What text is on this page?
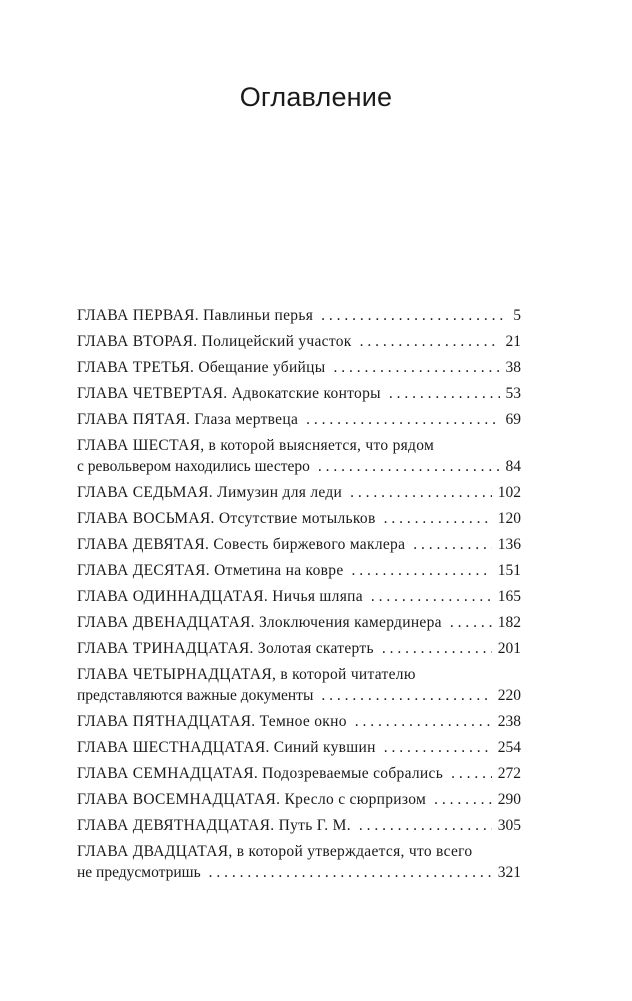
Оглавление
ГЛАВА ПЕРВАЯ. Павлиньи перья . . .	5
ГЛАВА ВТОРАЯ. Полицейский участок . . .	21
ГЛАВА ТРЕТЬЯ. Обещание убийцы . . .	38
ГЛАВА ЧЕТВЕРТАЯ. Адвокатские конторы . . .	53
ГЛАВА ПЯТАЯ. Глаза мертвеца . . .	69
ГЛАВА ШЕСТАЯ, в которой выясняется, что рядом
с револьвером находились шестеро . . .	84
ГЛАВА СЕДЬМАЯ. Лимузин для леди . . .	102
ГЛАВА ВОСЬМАЯ. Отсутствие мотыльков . . .	120
ГЛАВА ДЕВЯТАЯ. Совесть биржевого маклера . . .	136
ГЛАВА ДЕСЯТАЯ. Отметина на ковре . . .	151
ГЛАВА ОДИННАДЦАТАЯ. Ничья шляпа . . .	165
ГЛАВА ДВЕНАДЦАТАЯ. Злоключения камердинера . . .	182
ГЛАВА ТРИНАДЦАТАЯ. Золотая скатерть . . .	201
ГЛАВА ЧЕТЫРНАДЦАТАЯ, в которой читателю
представляются важные документы . . .	220
ГЛАВА ПЯТНАДЦАТАЯ. Темное окно . . .	238
ГЛАВА ШЕСТНАДЦАТАЯ. Синий кувшин . . .	254
ГЛАВА СЕМНАДЦАТАЯ. Подозреваемые собрались . . .	272
ГЛАВА ВОСЕМНАДЦАТАЯ. Кресло с сюрпризом . . .	290
ГЛАВА ДЕВЯТНАДЦАТАЯ. Путь Г. М. . . .	305
ГЛАВА ДВАДЦАТАЯ, в которой утверждается, что всего
не предусмотришь . . .	321
